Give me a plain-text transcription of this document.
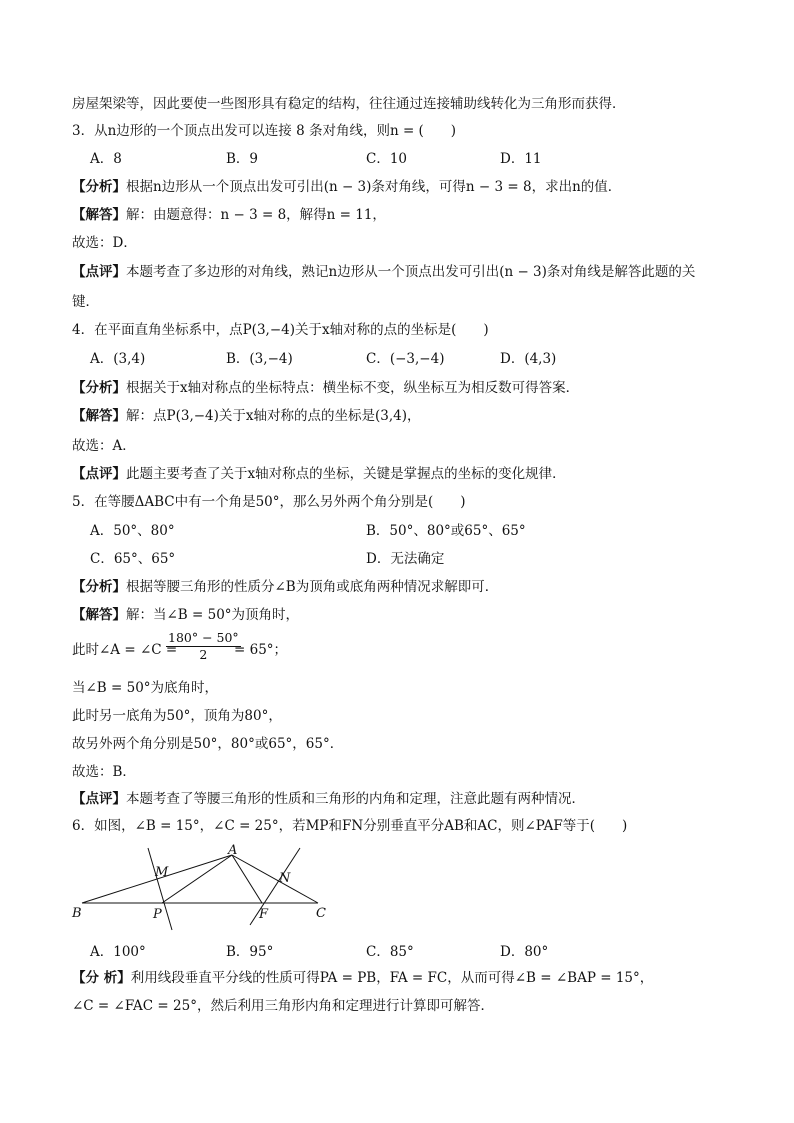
房屋架梁等，因此要使一些图形具有稳定的结构，往往通过连接辅助线转化为三角形而获得．
3．从n边形的一个顶点出发可以连接 8 条对角线，则n = (　　)
A．8	B．9	C．10	D．11
【分析】根据n边形从一个顶点出发可引出(n − 3)条对角线，可得n − 3 = 8，求出n的值．
【解答】解：由题意得：n − 3 = 8，解得n = 11，
故选：D．
【点评】本题考查了多边形的对角线，熟记n边形从一个顶点出发可引出(n − 3)条对角线是解答此题的关
键．
4．在平面直角坐标系中，点P(3,−4)关于x轴对称的点的坐标是(　　)
A．(3,4)	B．(3,−4)	C．(−3,−4)	D．(4,3)
【分析】根据关于x轴对称点的坐标特点：横坐标不变，纵坐标互为相反数可得答案．
【解答】解：点P(3,−4)关于x轴对称的点的坐标是(3,4)，
故选：A．
【点评】此题主要考查了关于x轴对称点的坐标，关键是掌握点的坐标的变化规律．
5．在等腰ΔABC中有一个角是50°，那么另外两个角分别是(　　)
A．50°、80°	B．50°、80°或65°、65°
C．65°、65°	D．无法确定
【分析】根据等腰三角形的性质分∠B为顶角或底角两种情况求解即可．
【解答】解：当∠B = 50°为顶角时，
此时∠A = ∠C =
$\frac{180^\circ - 50^\circ}{2}$
= 65°；
当∠B = 50°为底角时，
此时另一底角为50°，顶角为80°，
故另外两个角分别是50°，80°或65°，65°．
故选：B．
【点评】本题考查了等腰三角形的性质和三角形的内角和定理，注意此题有两种情况．
6．如图，∠B = 15°，∠C = 25°，若MP和FN分别垂直平分AB和AC，则∠PAF等于(　　)
A
B	C
M	N
P	F
A．100°	B．95°	C．85°	D．80°
【分 析】利用线段垂直平分线的性质可得PA = PB，FA = FC，从而可得∠B = ∠BAP = 15°，
∠C = ∠FAC = 25°，然后利用三角形内角和定理进行计算即可解答．
